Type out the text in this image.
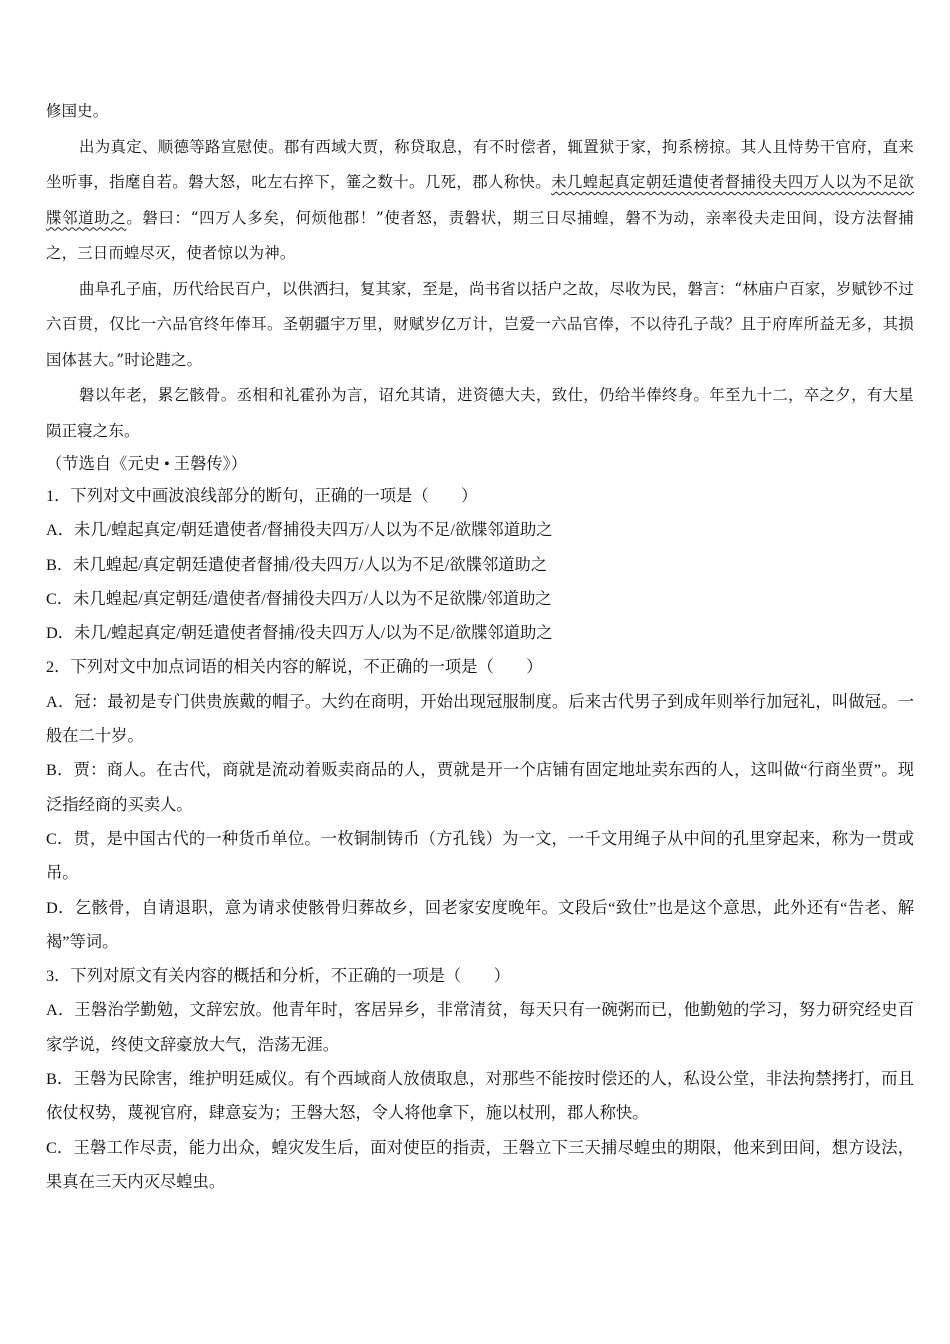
修国史。

出为真定、顺德等路宣慰使。郡有西域大贾，称贷取息，有不时偿者，辄置狱于家，拘系榜掠。其人且恃势干官府，直来坐听事，指麾自若。磐大怒，叱左右捽下，箠之数十。几死，郡人称快。未几蝗起真定朝廷遣使者督捕役夫四万人以为不足欲牒邻道助之。磐曰：“四万人多矣，何烦他郡！”使者怒，责磐状，期三日尽捕蝗，磐不为动，亲率役夫走田间，设方法督捕之，三日而蝗尽灭，使者惊以为神。

曲阜孔子庙，历代给民百户，以供洒扫，复其家，至是，尚书省以括户之故，尽收为民，磐言：“林庙户百家，岁赋钞不过六百贯，仅比一六品官终年俸耳。圣朝疆宇万里，财赋岁亿万计，岂爱一六品官俸，不以待孔子哉？且于府库所益无多，其损国体甚大。”时论韪之。

磐以年老，累乞骸骨。丞相和礼霍孙为言，诏允其请，进资德大夫，致仕，仍给半俸终身。年至九十二，卒之夕，有大星陨正寝之东。

（节选自《元史 • 王磐传》）

1．下列对文中画波浪线部分的断句，正确的一项是（　　）

A．未几/蝗起真定/朝廷遣使者/督捕役夫四万/人以为不足/欲牒邻道助之

B．未几蝗起/真定朝廷遣使者督捕/役夫四万/人以为不足/欲牒邻道助之

C．未几蝗起/真定朝廷/遣使者/督捕役夫四万/人以为不足欲牒/邻道助之

D．未几/蝗起真定/朝廷遣使者督捕/役夫四万人/以为不足/欲牒邻道助之

2．下列对文中加点词语的相关内容的解说，不正确的一项是（　　）

A．冠：最初是专门供贵族戴的帽子。大约在商明，开始出现冠服制度。后来古代男子到成年则举行加冠礼，叫做冠。一般在二十岁。

B．贾：商人。在古代，商就是流动着贩卖商品的人，贾就是开一个店铺有固定地址卖东西的人，这叫做“行商坐贾”。现泛指经商的买卖人。

C．贯，是中国古代的一种货币单位。一枚铜制铸币（方孔钱）为一文，一千文用绳子从中间的孔里穿起来，称为一贯或吊。

D．乞骸骨，自请退职，意为请求使骸骨归葬故乡，回老家安度晚年。文段后“致仕”也是这个意思，此外还有“告老、解褐”等词。

3．下列对原文有关内容的概括和分析，不正确的一项是（　　）

A．王磐治学勤勉，文辞宏放。他青年时，客居异乡，非常清贫，每天只有一碗粥而已，他勤勉的学习，努力研究经史百家学说，终使文辞豪放大气，浩荡无涯。

B．王磐为民除害，维护明廷威仪。有个西域商人放债取息，对那些不能按时偿还的人，私设公堂，非法拘禁拷打，而且依仗权势，蔑视官府，肆意妄为；王磐大怒，令人将他拿下，施以杖刑，郡人称快。

C．王磐工作尽责，能力出众，蝗灾发生后，面对使臣的指责，王磐立下三天捕尽蝗虫的期限，他来到田间，想方设法，果真在三天内灭尽蝗虫。
